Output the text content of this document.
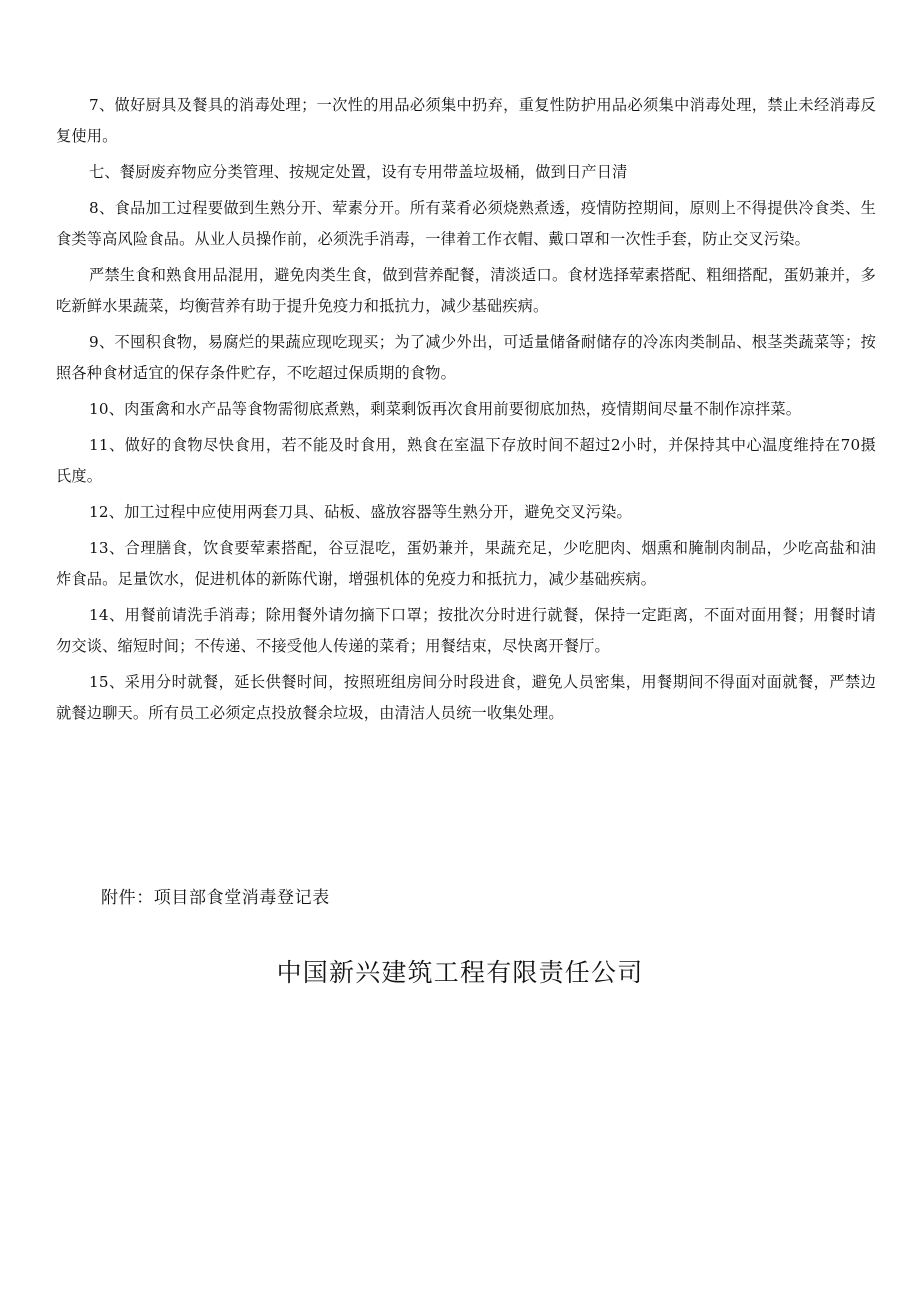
7、做好厨具及餐具的消毒处理；一次性的用品必须集中扔弃，重复性防护用品必须集中消毒处理，禁止未经消毒反复使用。

七、餐厨废弃物应分类管理、按规定处置，设有专用带盖垃圾桶，做到日产日清

8、食品加工过程要做到生熟分开、荤素分开。所有菜肴必须烧熟煮透，疫情防控期间，原则上不得提供冷食类、生食类等高风险食品。从业人员操作前，必须洗手消毒，一律着工作衣帽、戴口罩和一次性手套，防止交叉污染。

严禁生食和熟食用品混用，避免肉类生食，做到营养配餐，清淡适口。食材选择荤素搭配、粗细搭配，蛋奶兼并，多吃新鲜水果蔬菜，均衡营养有助于提升免疫力和抵抗力，减少基础疾病。

9、不囤积食物，易腐烂的果蔬应现吃现买；为了减少外出，可适量储备耐储存的冷冻肉类制品、根茎类蔬菜等；按照各种食材适宜的保存条件贮存，不吃超过保质期的食物。

10、肉蛋禽和水产品等食物需彻底煮熟，剩菜剩饭再次食用前要彻底加热，疫情期间尽量不制作凉拌菜。

11、做好的食物尽快食用，若不能及时食用，熟食在室温下存放时间不超过2小时，并保持其中心温度维持在70摄氏度。

12、加工过程中应使用两套刀具、砧板、盛放容器等生熟分开，避免交叉污染。

13、合理膳食，饮食要荤素搭配，谷豆混吃，蛋奶兼并，果蔬充足，少吃肥肉、烟熏和腌制肉制品，少吃高盐和油炸食品。足量饮水，促进机体的新陈代谢，增强机体的免疫力和抵抗力，减少基础疾病。

14、用餐前请洗手消毒；除用餐外请勿摘下口罩；按批次分时进行就餐，保持一定距离，不面对面用餐；用餐时请勿交谈、缩短时间；不传递、不接受他人传递的菜肴；用餐结束，尽快离开餐厅。

15、采用分时就餐，延长供餐时间，按照班组房间分时段进食，避免人员密集，用餐期间不得面对面就餐，严禁边就餐边聊天。所有员工必须定点投放餐余垃圾，由清洁人员统一收集处理。

附件：项目部食堂消毒登记表

中国新兴建筑工程有限责任公司
